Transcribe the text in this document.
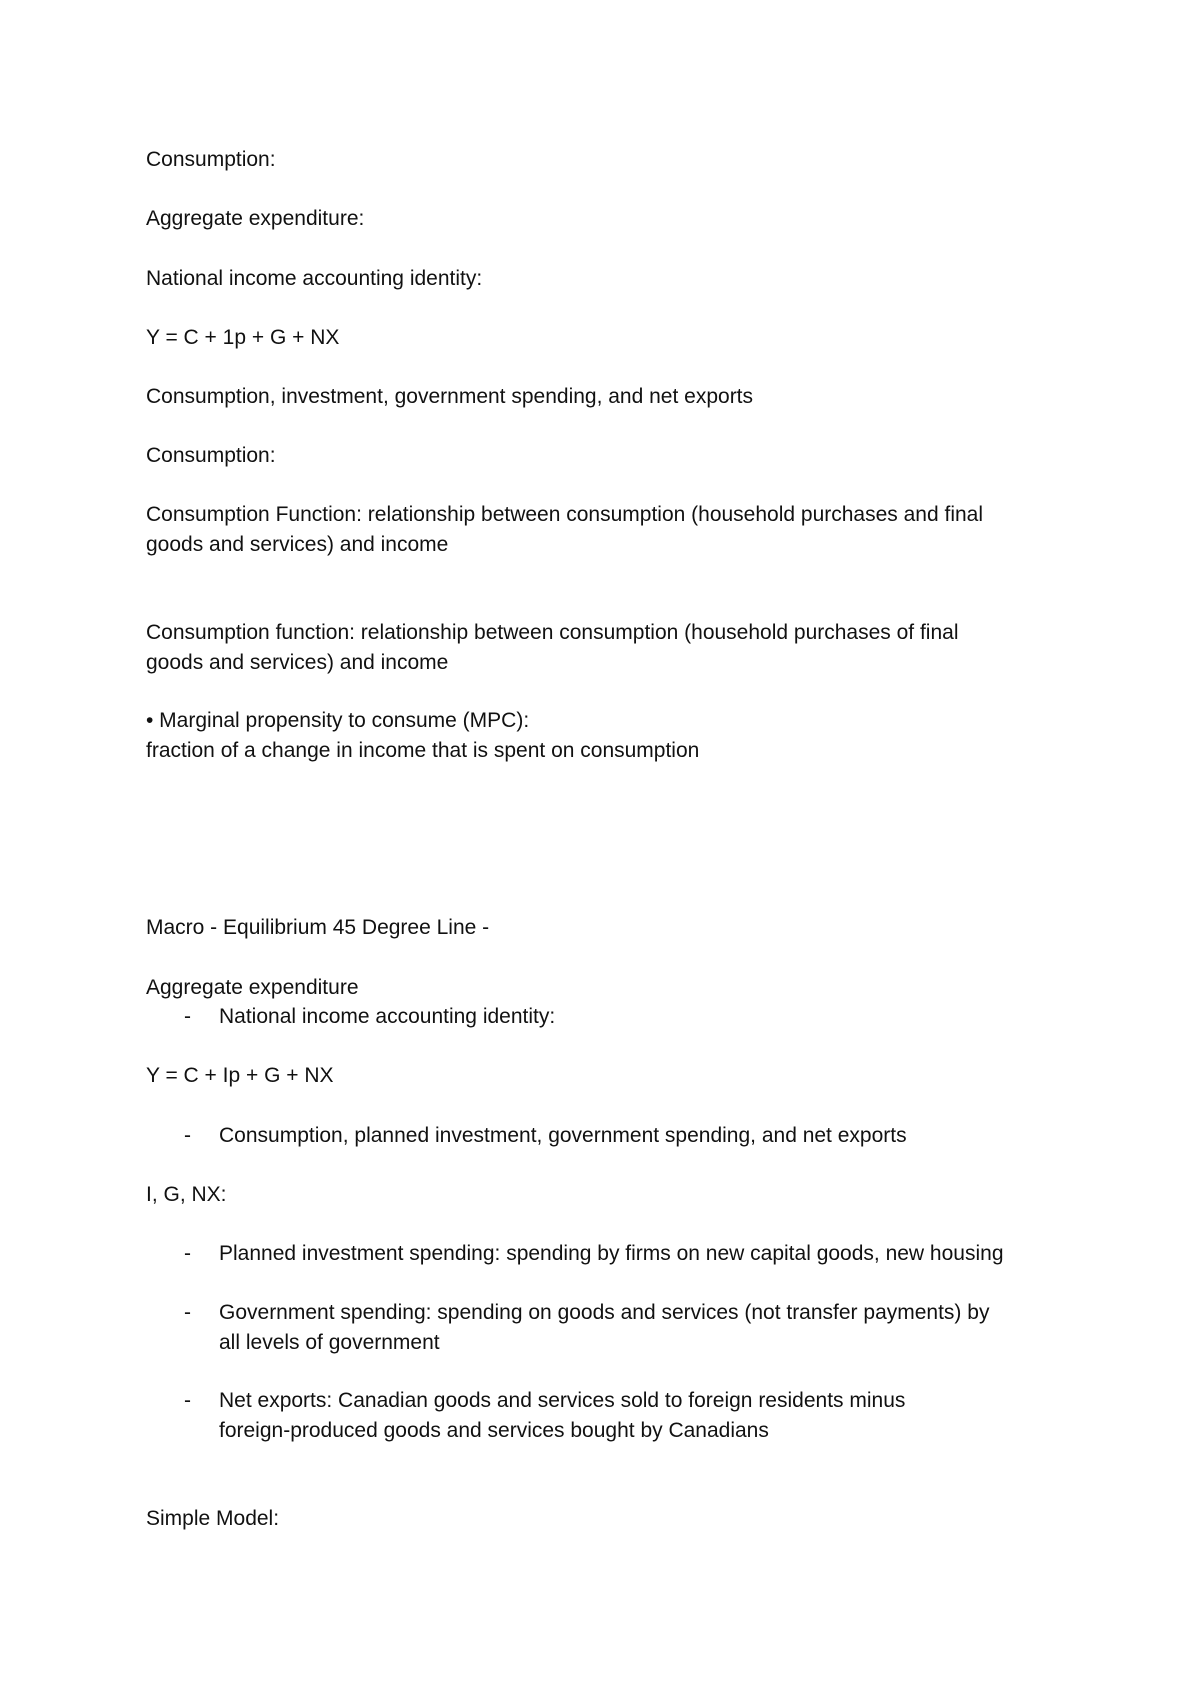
Consumption:

Aggregate expenditure:

National income accounting identity:

Y = C + 1p + G + NX

Consumption, investment, government spending, and net exports

Consumption:

Consumption Function: relationship between consumption (household purchases and final
goods and services) and income
Consumption function: relationship between consumption (household purchases of final
goods and services) and income

• Marginal propensity to consume (MPC):

fraction of a change in income that is spent on consumption

Macro - Equilibrium 45 Degree Line -

Aggregate expenditure

- National income accounting identity:

Y = C + Ip + G + NX

- Consumption, planned investment, government spending, and net exports

I, G, NX:

- Planned investment spending: spending by firms on new capital goods, new housing

- Government spending: spending on goods and services (not transfer payments) by
all levels of government

- Net exports: Canadian goods and services sold to foreign residents minus
foreign-produced goods and services bought by Canadians

Simple Model:
